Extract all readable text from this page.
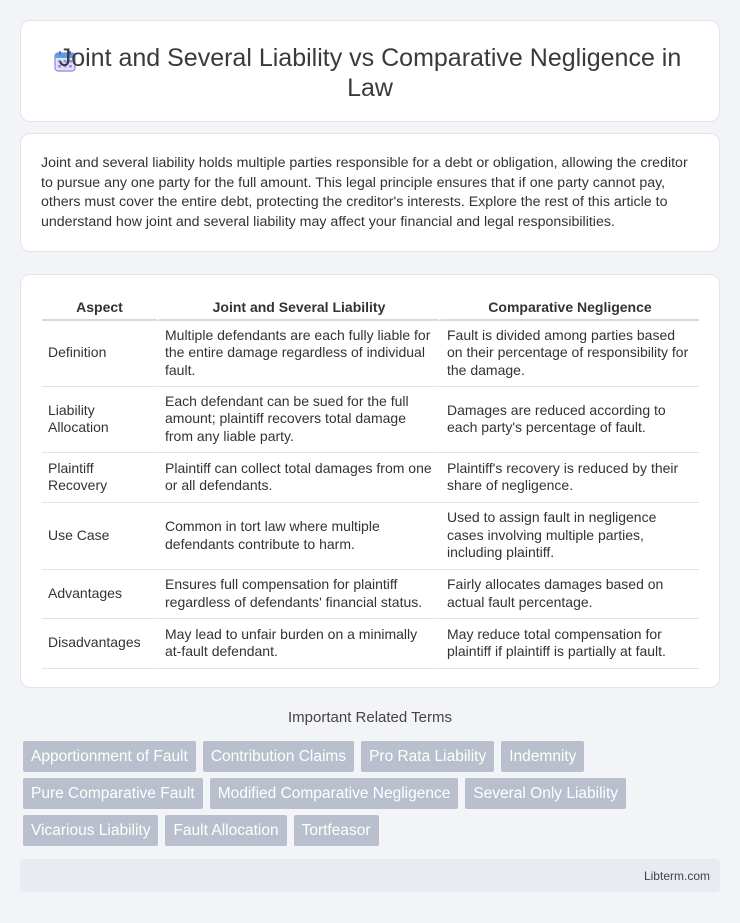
Joint and Several Liability vs Comparative Negligence in Law

Joint and several liability holds multiple parties responsible for a debt or obligation, allowing the creditor to pursue any one party for the full amount. This legal principle ensures that if one party cannot pay, others must cover the entire debt, protecting the creditor's interests. Explore the rest of this article to understand how joint and several liability may affect your financial and legal responsibilities.

Aspect	Joint and Several Liability	Comparative Negligence
Definition	Multiple defendants are each fully liable for the entire damage regardless of individual fault.	Fault is divided among parties based on their percentage of responsibility for the damage.
Liability Allocation	Each defendant can be sued for the full amount; plaintiff recovers total damage from any liable party.	Damages are reduced according to each party's percentage of fault.
Plaintiff Recovery	Plaintiff can collect total damages from one or all defendants.	Plaintiff's recovery is reduced by their share of negligence.
Use Case	Common in tort law where multiple defendants contribute to harm.	Used to assign fault in negligence cases involving multiple parties, including plaintiff.
Advantages	Ensures full compensation for plaintiff regardless of defendants' financial status.	Fairly allocates damages based on actual fault percentage.
Disadvantages	May lead to unfair burden on a minimally at-fault defendant.	May reduce total compensation for plaintiff if plaintiff is partially at fault.
Important Related Terms
Apportionment of Fault	Contribution Claims	Pro Rata Liability	Indemnity
Pure Comparative Fault	Modified Comparative Negligence	Several Only Liability
Vicarious Liability	Fault Allocation	Tortfeasor
Libterm.com
